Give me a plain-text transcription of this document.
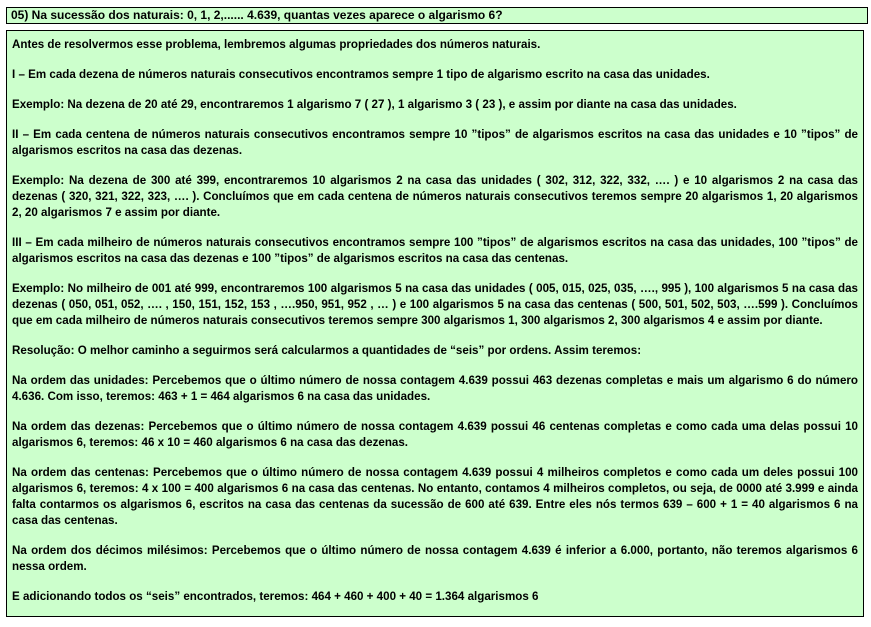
05) Na sucessão dos naturais: 0, 1, 2,...... 4.639, quantas vezes aparece o algarismo 6?

Antes de resolvermos esse problema, lembremos algumas propriedades dos números naturais.

I – Em cada dezena de números naturais consecutivos encontramos sempre 1 tipo de algarismo escrito na casa das unidades.

Exemplo: Na dezena de 20 até 29, encontraremos 1 algarismo 7 ( 27 ), 1 algarismo 3 ( 23 ), e assim por diante na casa das unidades.

II – Em cada centena de números naturais consecutivos encontramos sempre 10 ”tipos” de algarismos escritos na casa das unidades e 10 ”tipos” de algarismos escritos na casa das dezenas.

Exemplo: Na dezena de 300 até 399, encontraremos 10 algarismos 2 na casa das unidades ( 302, 312, 322, 332, …. ) e 10 algarismos 2 na casa das dezenas ( 320, 321, 322, 323, …. ). Concluímos que em cada centena de números naturais consecutivos teremos sempre 20 algarismos 1, 20 algarismos 2, 20 algarismos 7 e assim por diante.

III – Em cada milheiro de números naturais consecutivos encontramos sempre 100 ”tipos” de algarismos escritos na casa das unidades, 100 ”tipos” de algarismos escritos na casa das dezenas e 100 ”tipos” de algarismos escritos na casa das centenas.

Exemplo: No milheiro de 001 até 999, encontraremos 100 algarismos 5 na casa das unidades ( 005, 015, 025, 035, …., 995 ), 100 algarismos 5 na casa das dezenas ( 050, 051, 052, …. , 150, 151, 152, 153 , ….950, 951, 952 , … ) e 100 algarismos 5 na casa das centenas ( 500, 501, 502, 503, ….599 ). Concluímos que em cada milheiro de números naturais consecutivos teremos sempre 300 algarismos 1, 300 algarismos 2, 300 algarismos 4 e assim por diante.

Resolução: O melhor caminho a seguirmos será calcularmos a quantidades de “seis” por ordens. Assim teremos:

Na ordem das unidades: Percebemos que o último número de nossa contagem 4.639 possui 463 dezenas completas e mais um algarismo 6 do número 4.636. Com isso, teremos: 463 + 1 = 464 algarismos 6 na casa das unidades.

Na ordem das dezenas: Percebemos que o último número de nossa contagem 4.639 possui 46 centenas completas e como cada uma delas possui 10 algarismos 6, teremos: 46 x 10 = 460 algarismos 6 na casa das dezenas.

Na ordem das centenas: Percebemos que o último número de nossa contagem 4.639 possui 4 milheiros completos e como cada um deles possui 100 algarismos 6, teremos: 4 x 100 = 400 algarismos 6 na casa das centenas. No entanto, contamos 4 milheiros completos, ou seja, de 0000 até 3.999 e ainda falta contarmos os algarismos 6, escritos na casa das centenas da sucessão de 600 até 639. Entre eles nós termos 639 – 600 + 1 = 40 algarismos 6 na casa das centenas.

Na ordem dos décimos milésimos: Percebemos que o último número de nossa contagem 4.639 é inferior a 6.000, portanto, não teremos algarismos 6 nessa ordem.

E adicionando todos os “seis” encontrados, teremos: 464 + 460 + 400 + 40 = 1.364 algarismos 6
